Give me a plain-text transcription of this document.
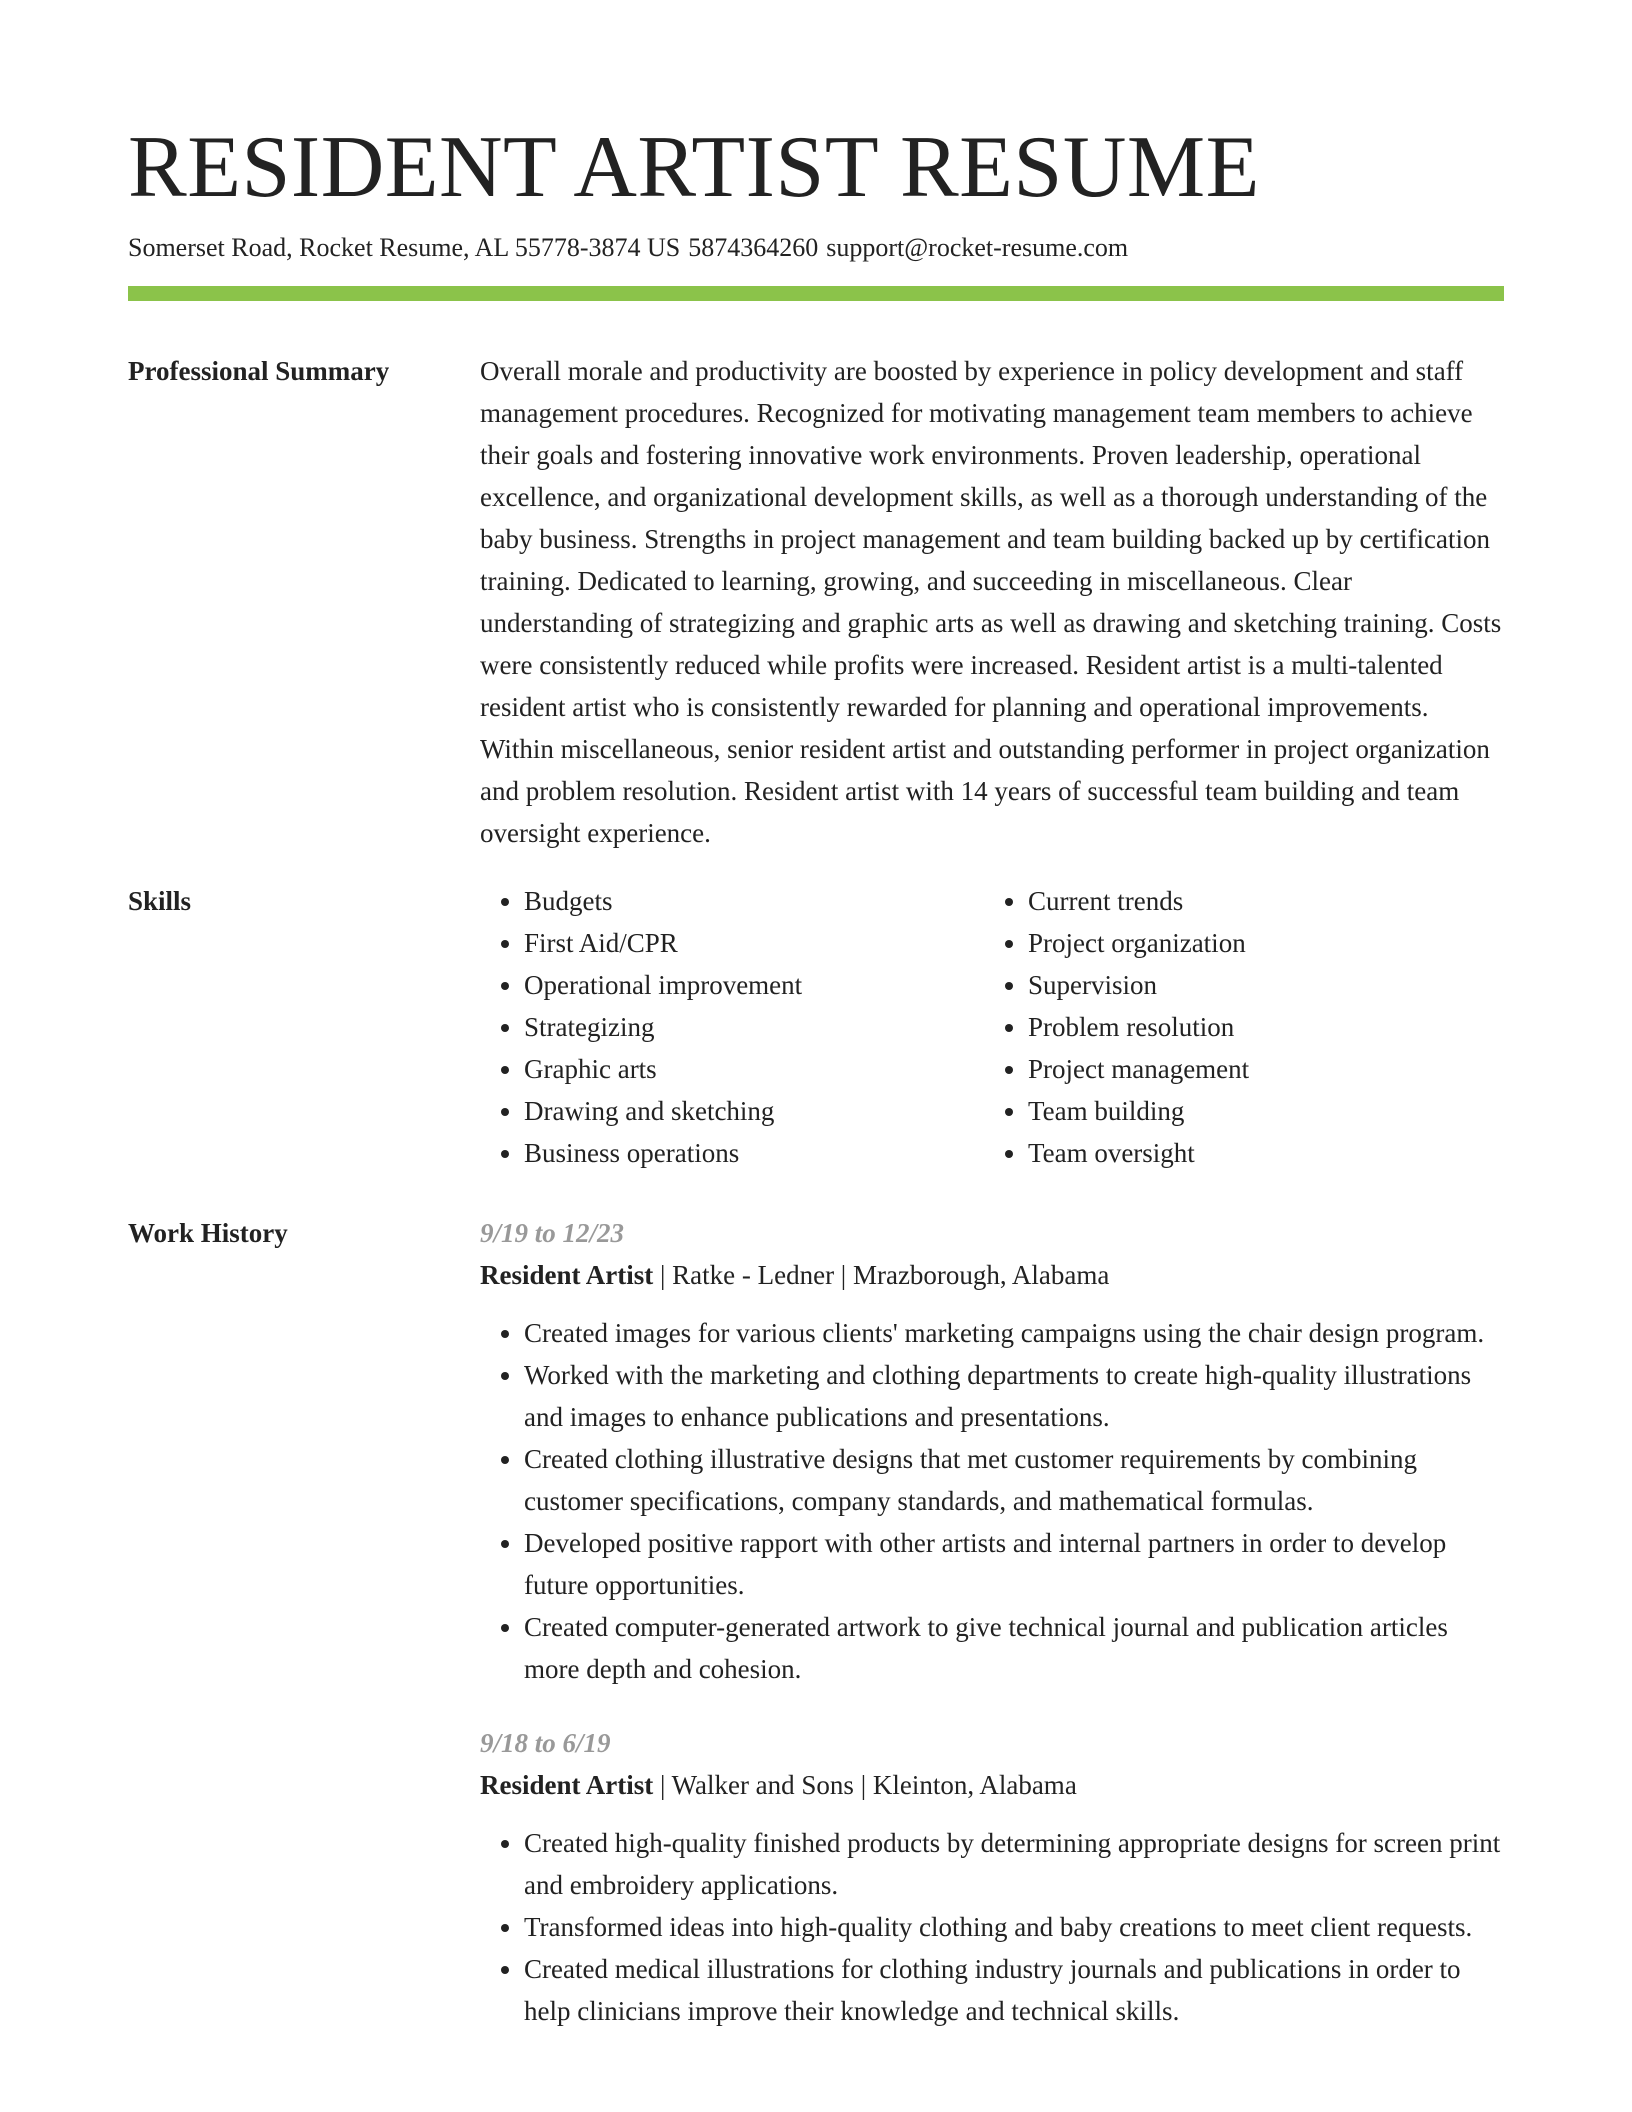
RESIDENT ARTIST RESUME
Somerset Road, Rocket Resume, AL 55778-3874 US 5874364260 support@rocket-resume.com
Professional Summary	Overall morale and productivity are boosted by experience in policy development and staff management procedures. Recognized for motivating management team members to achieve their goals and fostering innovative work environments. Proven leadership, operational excellence, and organizational development skills, as well as a thorough understanding of the baby business. Strengths in project management and team building backed up by certification training. Dedicated to learning, growing, and succeeding in miscellaneous. Clear understanding of strategizing and graphic arts as well as drawing and sketching training. Costs were consistently reduced while profits were increased. Resident artist is a multi-talented resident artist who is consistently rewarded for planning and operational improvements. Within miscellaneous, senior resident artist and outstanding performer in project organization and problem resolution. Resident artist with 14 years of successful team building and team oversight experience.

Skills
•	Budgets
• First Aid/CPR
• Operational improvement
• Strategizing
• Graphic arts
• Drawing and sketching
• Business operations
• Current trends
• Project organization
• Supervision
• Problem resolution
• Project management
• Team building
• Team oversight
Work History	9/19 to 12/23
Resident Artist | Ratke - Ledner | Mrazborough, Alabama
• Created images for various clients' marketing campaigns using the chair design program.
• Worked with the marketing and clothing departments to create high-quality illustrations and images to enhance publications and presentations.
• Created clothing illustrative designs that met customer requirements by combining customer specifications, company standards, and mathematical formulas.
• Developed positive rapport with other artists and internal partners in order to develop future opportunities.
• Created computer-generated artwork to give technical journal and publication articles more depth and cohesion.
9/18 to 6/19
Resident Artist | Walker and Sons | Kleinton, Alabama
• Created high-quality finished products by determining appropriate designs for screen print and embroidery applications.
• Transformed ideas into high-quality clothing and baby creations to meet client requests.
• Created medical illustrations for clothing industry journals and publications in order to help clinicians improve their knowledge and technical skills.
